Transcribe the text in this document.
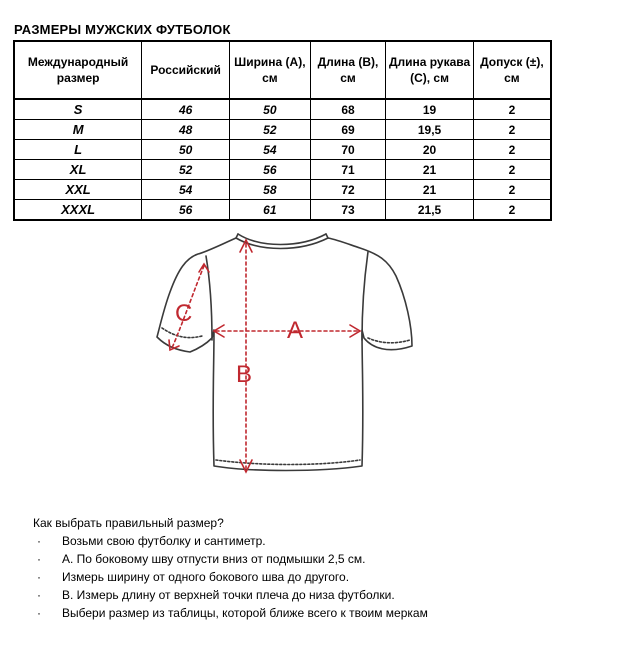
РАЗМЕРЫ МУЖСКИХ ФУТБОЛОК
Международный размер	Российский	Ширина (А), см	Длина (В), см	Длина рукава (С), см	Допуск (±), см
S	46	50	68	19	2
M	48	52	69	19,5	2
L	50	54	70	20	2
XL	52	56	71	21	2
XXL	54	58	72	21	2
XXXL	56	61	73	21,5	2
A
B
C
Как выбрать правильный размер?
· Возьми свою футболку и сантиметр.
· А. По боковому шву отпусти вниз от подмышки 2,5 см.
· Измерь ширину от одного бокового шва до другого.
· В. Измерь длину от верхней точки плеча до низа футболки.
· Выбери размер из таблицы, которой ближе всего к твоим меркам
